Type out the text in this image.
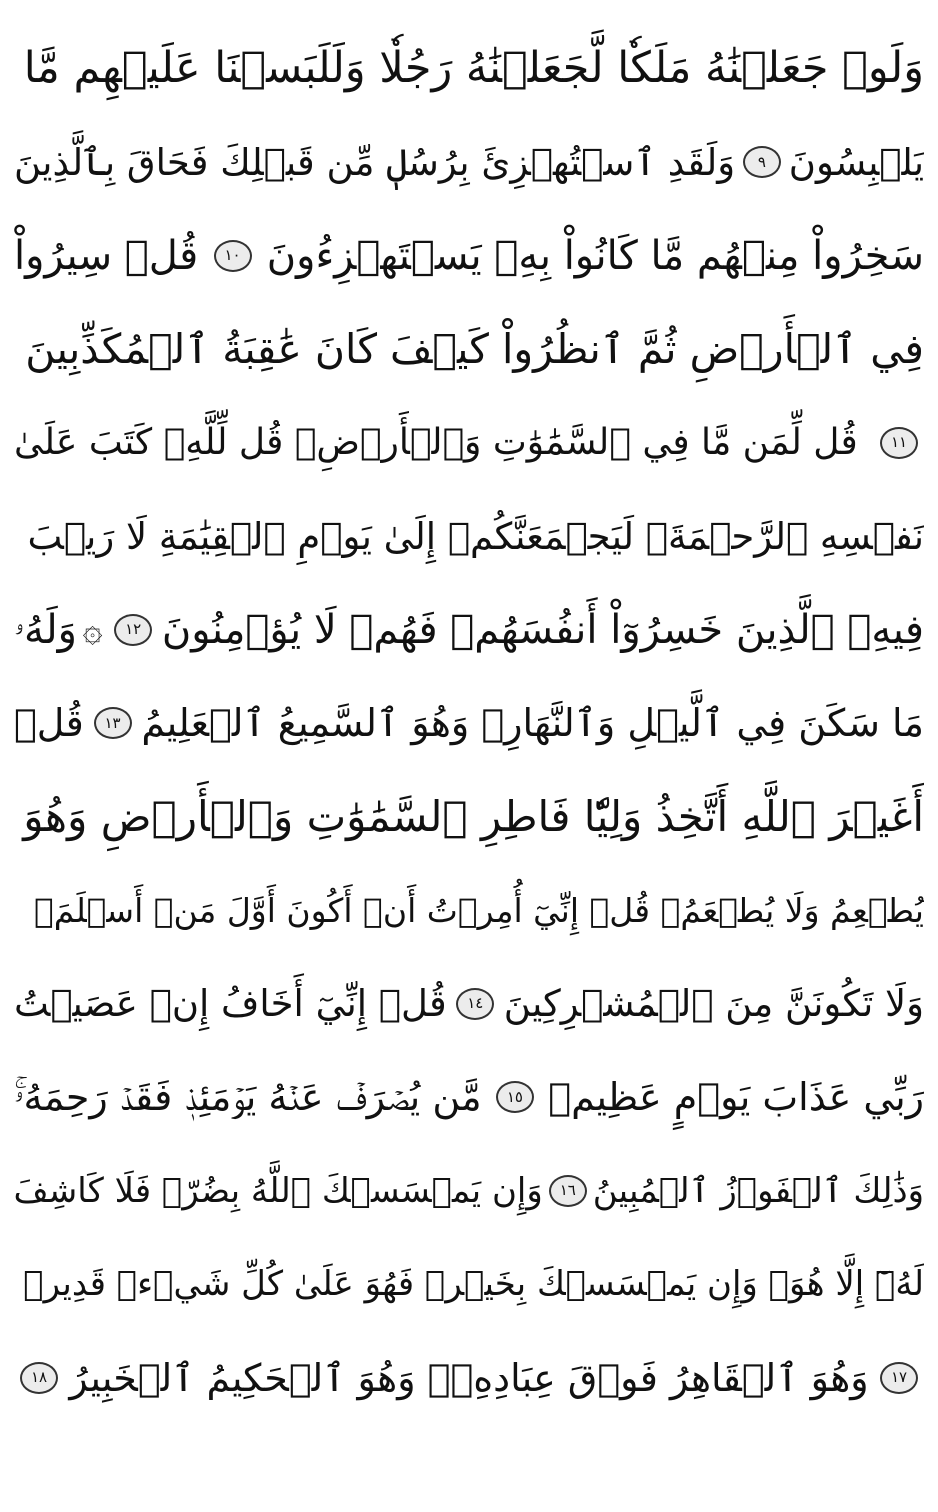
وَلَوۡ جَعَلۡنَٰهُ مَلَكٗا لَّجَعَلۡنَٰهُ رَجُلٗا وَلَلَبَسۡنَا عَلَيۡهِم مَّا
يَلۡبِسُونَ
٩
وَلَقَدِ ٱسۡتُهۡزِئَ بِرُسُلٖ مِّن قَبۡلِكَ فَحَاقَ بِٱلَّذِينَ
سَخِرُواْ مِنۡهُم مَّا كَانُواْ بِهِۦ يَسۡتَهۡزِءُونَ
١٠
قُلۡ سِيرُواْ
فِي ٱلۡأَرۡضِ ثُمَّ ٱنظُرُواْ كَيۡفَ كَانَ عَٰقِبَةُ ٱلۡمُكَذِّبِينَ
١١
قُل لِّمَن مَّا فِي ٱلسَّمَٰوَٰتِ وَٱلۡأَرۡضِۖ قُل لِّلَّهِۚ كَتَبَ عَلَىٰ
نَفۡسِهِ ٱلرَّحۡمَةَۚ لَيَجۡمَعَنَّكُمۡ إِلَىٰ يَوۡمِ ٱلۡقِيَٰمَةِ لَا رَيۡبَ
فِيهِۚ ٱلَّذِينَ خَسِرُوٓاْ أَنفُسَهُمۡ فَهُمۡ لَا يُؤۡمِنُونَ
١٢
۞
وَلَهُۥ
مَا سَكَنَ فِي ٱلَّيۡلِ وَٱلنَّهَارِۚ وَهُوَ ٱلسَّمِيعُ ٱلۡعَلِيمُ
١٣
قُلۡ
أَغَيۡرَ ٱللَّهِ أَتَّخِذُ وَلِيّٗا فَاطِرِ ٱلسَّمَٰوَٰتِ وَٱلۡأَرۡضِ وَهُوَ
يُطۡعِمُ وَلَا يُطۡعَمُۗ قُلۡ إِنِّيٓ أُمِرۡتُ أَنۡ أَكُونَ أَوَّلَ مَنۡ أَسۡلَمَۖ
وَلَا تَكُونَنَّ مِنَ ٱلۡمُشۡرِكِينَ
١٤
قُلۡ إِنِّيٓ أَخَافُ إِنۡ عَصَيۡتُ
رَبِّي عَذَابَ يَوۡمٍ عَظِيمٖ
١٥
مَّن يُصۡرَفۡ عَنۡهُ يَوۡمَئِذٖ فَقَدۡ رَحِمَهُۥۚ
وَذَٰلِكَ ٱلۡفَوۡزُ ٱلۡمُبِينُ
١٦
وَإِن يَمۡسَسۡكَ ٱللَّهُ بِضُرّٖ فَلَا كَاشِفَ
لَهُۥٓ إِلَّا هُوَۖ وَإِن يَمۡسَسۡكَ بِخَيۡرٖ فَهُوَ عَلَىٰ كُلِّ شَيۡءٖ قَدِيرٞ
١٧
وَهُوَ ٱلۡقَاهِرُ فَوۡقَ عِبَادِهِۦۚ وَهُوَ ٱلۡحَكِيمُ ٱلۡخَبِيرُ
١٨
